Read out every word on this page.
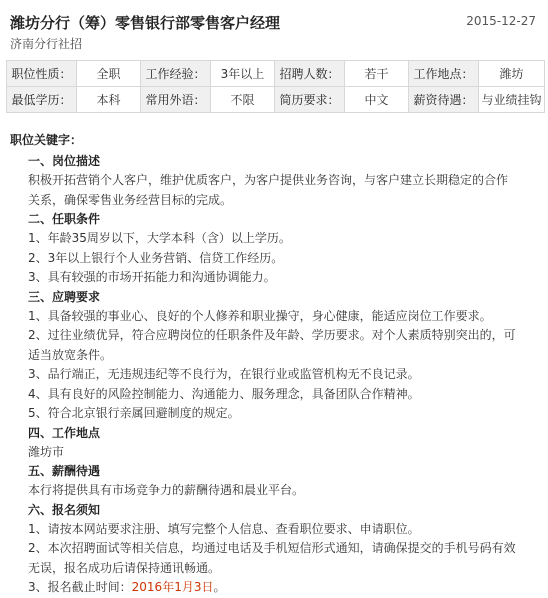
潍坊分行（筹）零售银行部零售客户经理	2015-12-27
济南分行社招
职位性质：	全职	工作经验：	3年以上	招聘人数：	若干	工作地点：	潍坊
最低学历：	本科	常用外语：	不限	简历要求：	中文	薪资待遇：	与业绩挂钩
职位关键字：
一、岗位描述
积极开拓营销个人客户，维护优质客户，为客户提供业务咨询，与客户建立长期稳定的合作
关系，确保零售业务经营目标的完成。
二、任职条件
1、年龄35周岁以下，大学本科（含）以上学历。
2、3年以上银行个人业务营销、信贷工作经历。
3、具有较强的市场开拓能力和沟通协调能力。
三、应聘要求
1、具备较强的事业心、良好的个人修养和职业操守，身心健康，能适应岗位工作要求。
2、过往业绩优异，符合应聘岗位的任职条件及年龄、学历要求。对个人素质特别突出的，可
适当放宽条件。
3、品行端正，无违规违纪等不良行为，在银行业或监管机构无不良记录。
4、具有良好的风险控制能力、沟通能力、服务理念，具备团队合作精神。
5、符合北京银行亲属回避制度的规定。
四、工作地点
潍坊市
五、薪酬待遇
本行将提供具有市场竞争力的薪酬待遇和晨业平台。
六、报名须知
1、请按本网站要求注册、填写完整个人信息、查看职位要求、申请职位。
2、本次招聘面试等相关信息，均通过电话及手机短信形式通知，请确保提交的手机号码有效
无误，报名成功后请保持通讯畅通。
3、报名截止时间：2016年1月3日。
